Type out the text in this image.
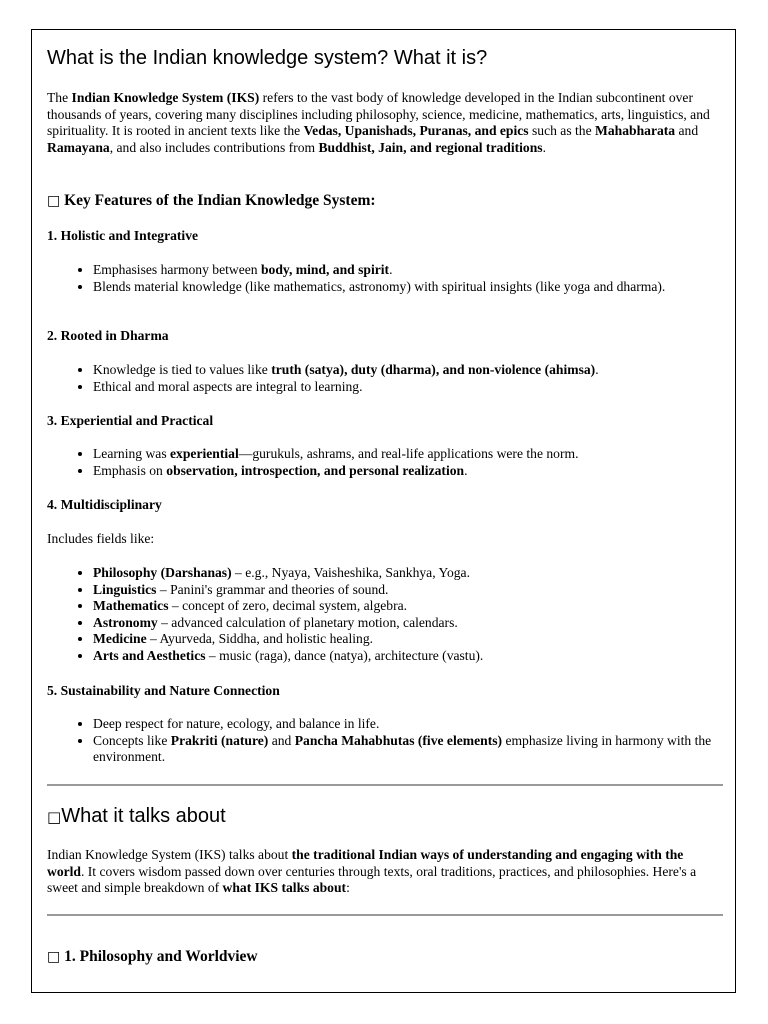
What is the Indian knowledge system? What it is?

The Indian Knowledge System (IKS) refers to the vast body of knowledge developed in the Indian subcontinent over thousands of years, covering many disciplines including philosophy, science, medicine, mathematics, arts, linguistics, and spirituality. It is rooted in ancient texts like the Vedas, Upanishads, Puranas, and epics such as the Mahabharata and Ramayana, and also includes contributions from Buddhist, Jain, and regional traditions.

□ Key Features of the Indian Knowledge System:

1. Holistic and Integrative

• Emphasises harmony between body, mind, and spirit.
• Blends material knowledge (like mathematics, astronomy) with spiritual insights (like yoga and dharma).

2. Rooted in Dharma

• Knowledge is tied to values like truth (satya), duty (dharma), and non-violence (ahimsa).
• Ethical and moral aspects are integral to learning.

3. Experiential and Practical

• Learning was experiential—gurukuls, ashrams, and real-life applications were the norm.
• Emphasis on observation, introspection, and personal realization.

4. Multidisciplinary

Includes fields like:

• Philosophy (Darshanas) – e.g., Nyaya, Vaisheshika, Sankhya, Yoga.
• Linguistics – Panini's grammar and theories of sound.
• Mathematics – concept of zero, decimal system, algebra.
• Astronomy – advanced calculation of planetary motion, calendars.
• Medicine – Ayurveda, Siddha, and holistic healing.
• Arts and Aesthetics – music (raga), dance (natya), architecture (vastu).

5. Sustainability and Nature Connection

• Deep respect for nature, ecology, and balance in life.
• Concepts like Prakriti (nature) and Pancha Mahabhutas (five elements) emphasize living in harmony with the environment.

□What it talks about

Indian Knowledge System (IKS) talks about the traditional Indian ways of understanding and engaging with the world. It covers wisdom passed down over centuries through texts, oral traditions, practices, and philosophies. Here's a sweet and simple breakdown of what IKS talks about:

□ 1. Philosophy and Worldview
